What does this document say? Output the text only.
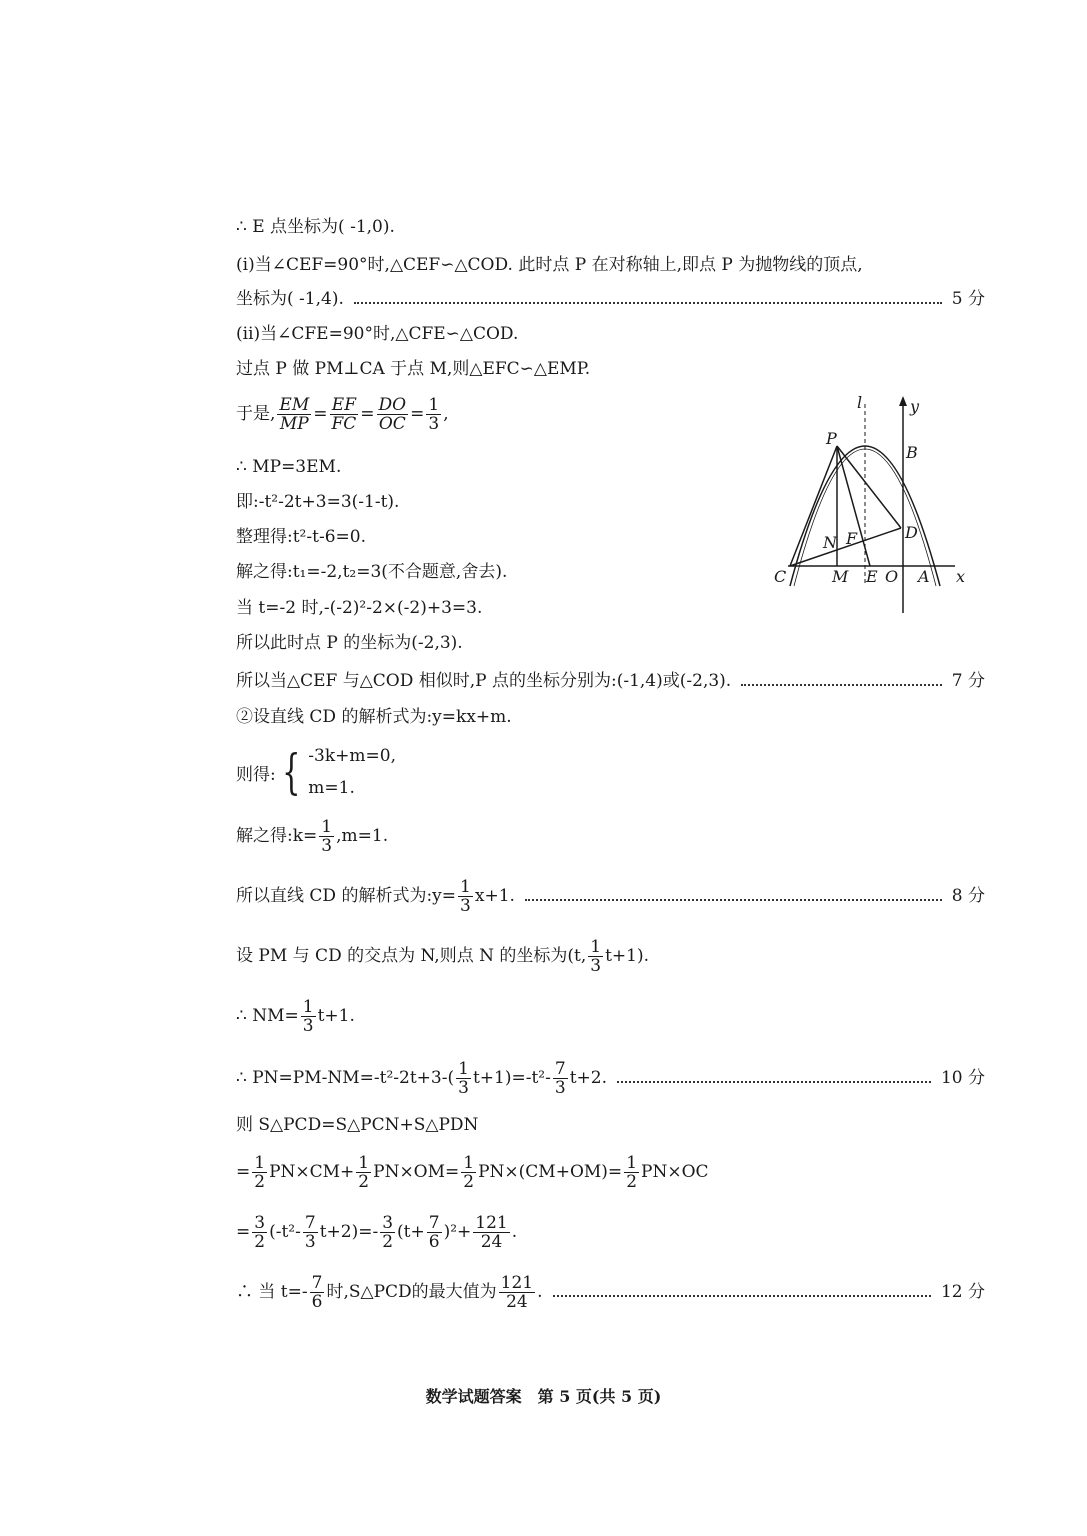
∴ E 点坐标为( -1,0).
(ⅰ)当∠CEF=90°时,△CEF∽△COD. 此时点 P 在对称轴上,即点 P 为抛物线的顶点,
坐标为( -1,4).	5 分
(ⅱ)当∠CFE=90°时,△CFE∽△COD.
过点 P 做 PM⊥CA 于点 M,则△EFC∽△EMP.
于是, $\frac{EM}{MP} = \frac{EF}{FC} = \frac{DO}{OC} = \frac{1}{3}$ ,
∴ MP=3EM.
即:-t²-2t+3=3(-1-t).
整理得:t²-t-6=0.
解之得:t₁=-2,t₂=3(不合题意,舍去).
当 t=-2 时,-(-2)²-2×(-2)+3=3.
所以此时点 P 的坐标为(-2,3).
所以当△CEF 与△COD 相似时,P 点的坐标分别为:(-1,4)或(-2,3).	7 分
②设直线 CD 的解析式为:y=kx+m.
则得: { -3k+m=0,
m=1.
解之得:k= $\frac{1}{3} ,m=1$.
所以直线 CD 的解析式为:y= $\frac{1}{3} x+1$.	8 分
设 PM 与 CD 的交点为 N,则点 N 的坐标为(t, $\frac{1}{3} t+1$).
∴ $NM= \frac{1}{3} t+1$.
∴ $PN=PM-NM=-t^2-2t+3-( \frac{1}{3} t+1)=-t^2- \frac{7}{3} t+2$.	10 分
则 S△PCD=S△PCN+S△PDN
= $\frac{1}{2} PN\times CM+ \frac{1}{2} PN\times OM= \frac{1}{2} PN\times(CM+OM)= \frac{1}{2} PN\times OC$
= $\frac{3}{2} (-t^2- \frac{7}{3} t+2)=- \frac{3}{2} (t+ \frac{7}{6} )^2+ \frac{121}{24}$ .
∴ 当 $t=- \frac{7}{6}$ 时,S△PCD的最大值为 $\frac{121}{24}$ .	12 分
l	y
P
B
D
N F
C	M E O A x
数学试题答案　第 5 页(共 5 页)
